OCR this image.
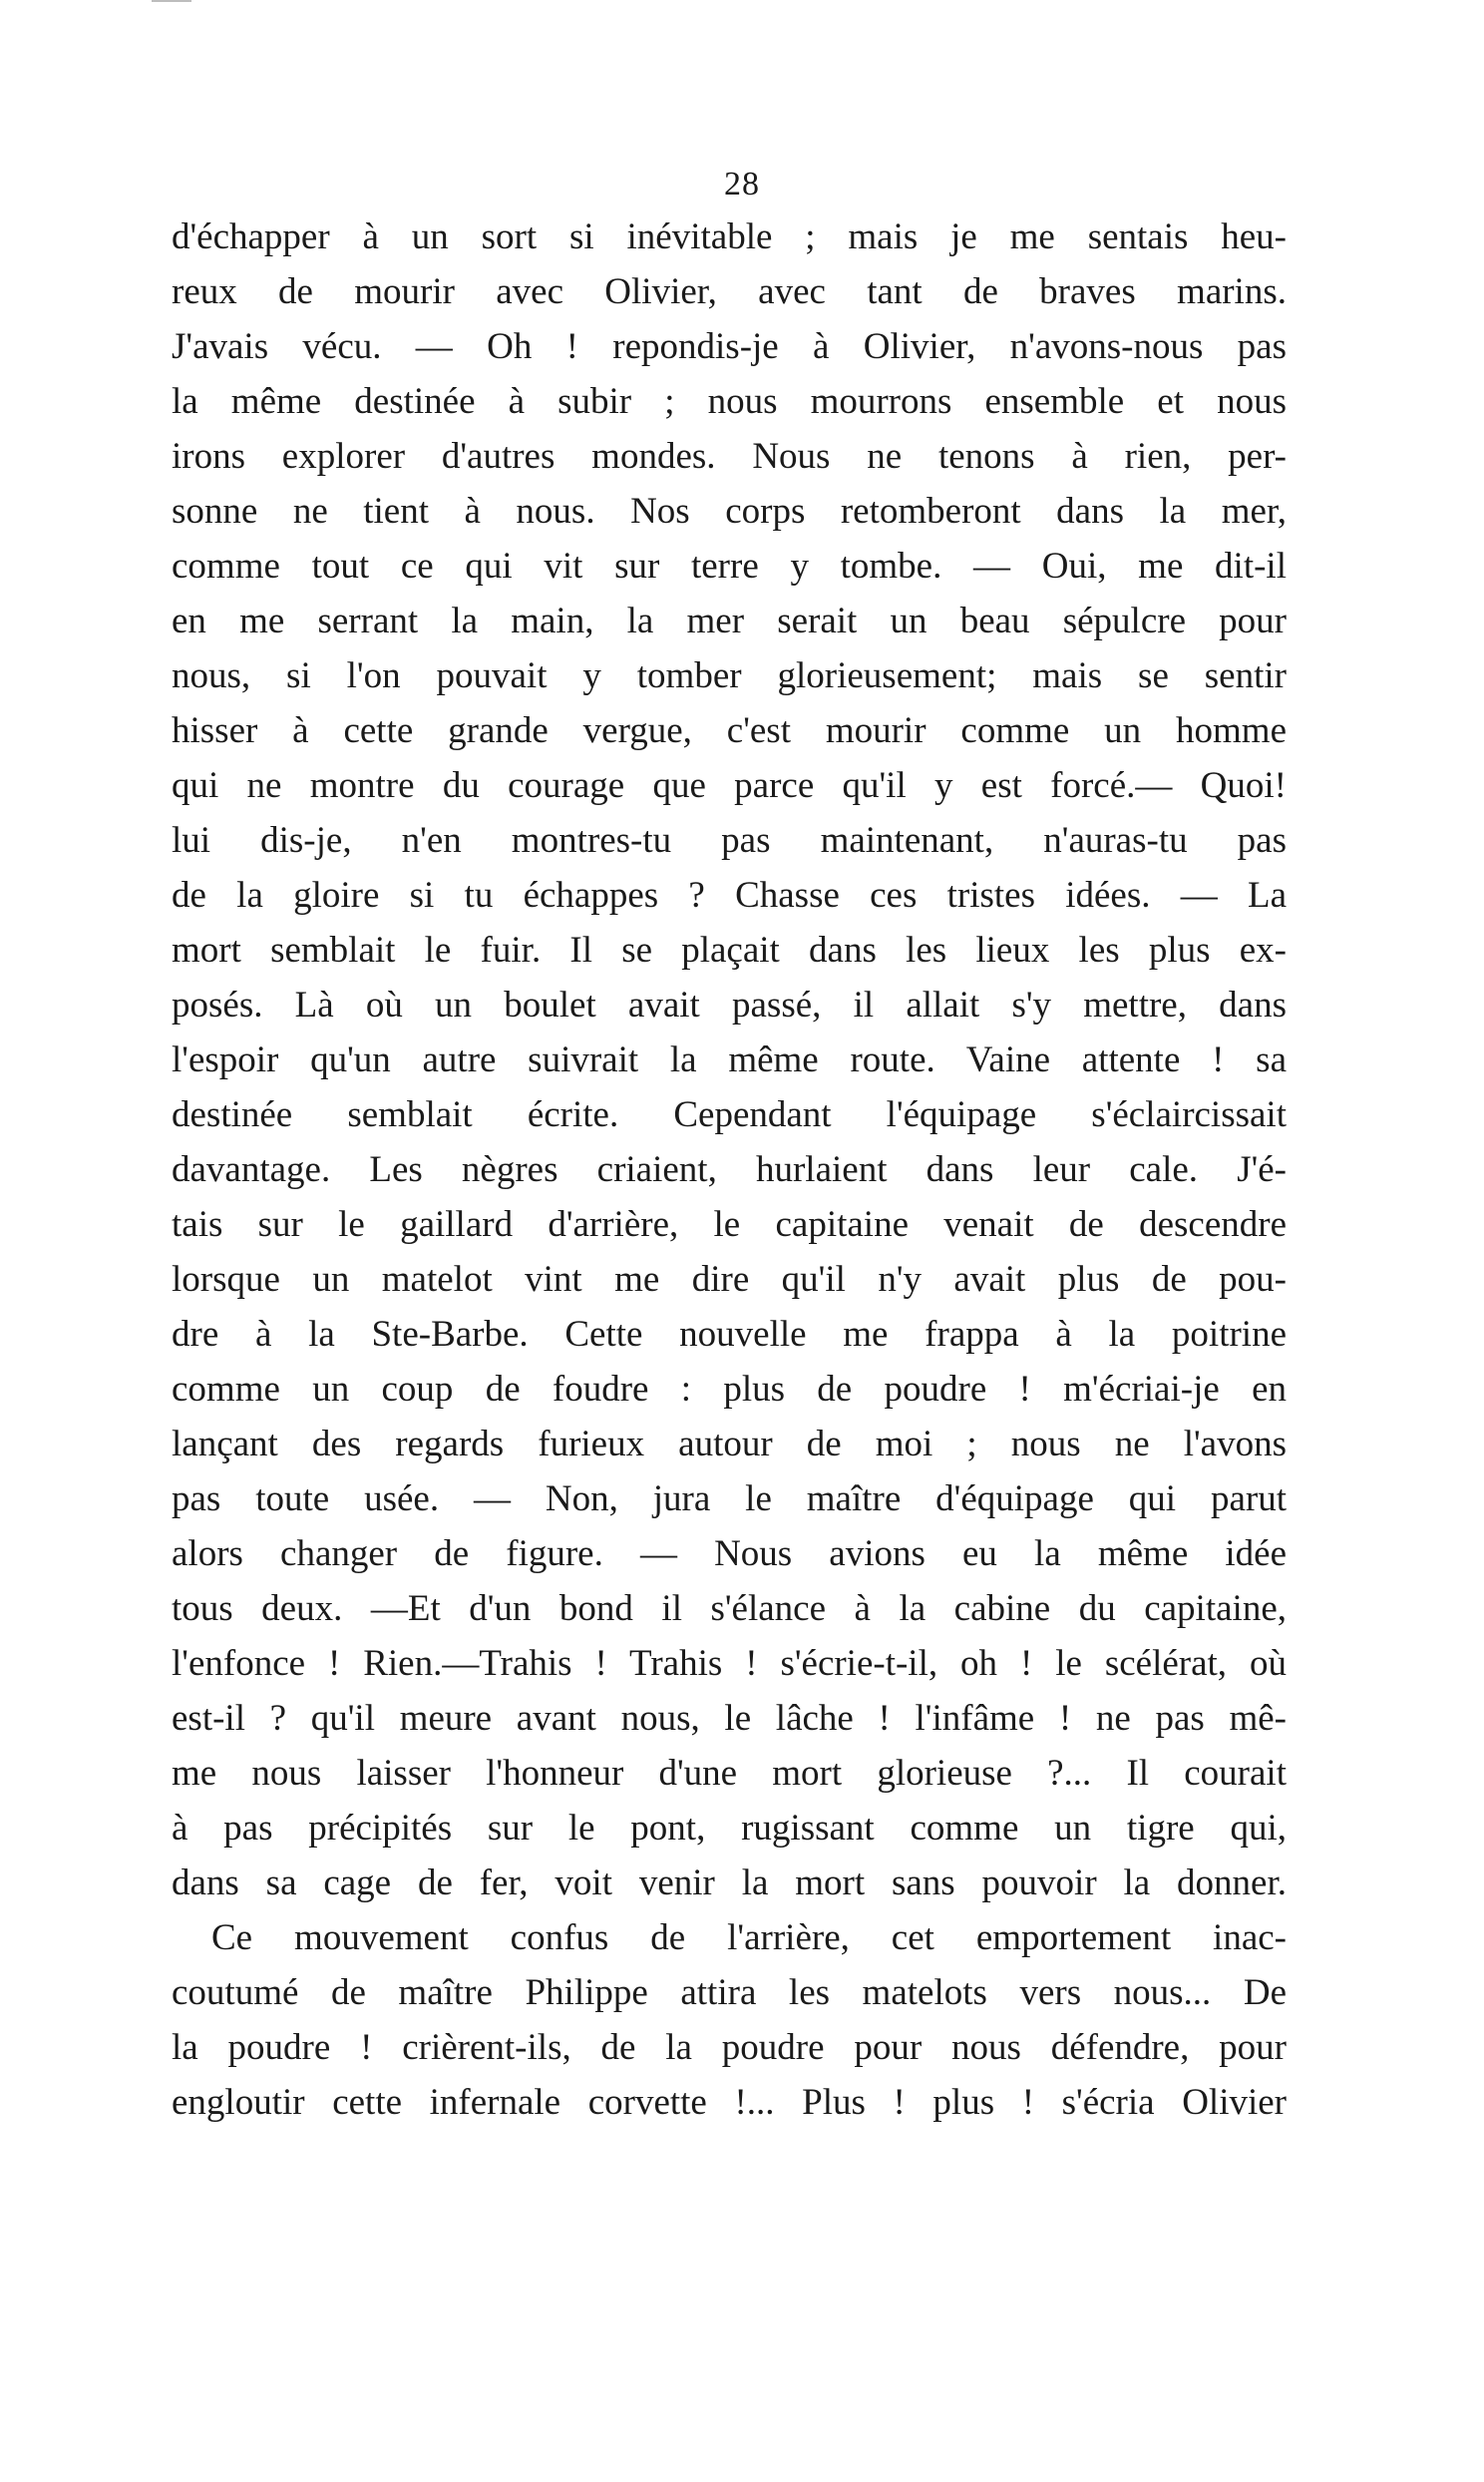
28
d'échapper à un sort si inévitable ; mais je me sentais heu-
reux de mourir avec Olivier, avec tant de braves marins.
J'avais vécu. — Oh ! repondis-je à Olivier, n'avons-nous pas
la même destinée à subir ; nous mourrons ensemble et nous
irons explorer d'autres mondes. Nous ne tenons à rien, per-
sonne ne tient à nous. Nos corps retomberont dans la mer,
comme tout ce qui vit sur terre y tombe. — Oui, me dit-il
en me serrant la main, la mer serait un beau sépulcre pour
nous, si l'on pouvait y tomber glorieusement; mais se sentir
hisser à cette grande vergue, c'est mourir comme un homme
qui ne montre du courage que parce qu'il y est forcé.— Quoi!
lui dis-je, n'en montres-tu pas maintenant, n'auras-tu pas
de la gloire si tu échappes ? Chasse ces tristes idées. — La
mort semblait le fuir. Il se plaçait dans les lieux les plus ex-
posés. Là où un boulet avait passé, il allait s'y mettre, dans
l'espoir qu'un autre suivrait la même route. Vaine attente ! sa
destinée semblait écrite. Cependant l'équipage s'éclaircissait
davantage. Les nègres criaient, hurlaient dans leur cale. J'é-
tais sur le gaillard d'arrière, le capitaine venait de descendre
lorsque un matelot vint me dire qu'il n'y avait plus de pou-
dre à la Ste-Barbe. Cette nouvelle me frappa à la poitrine
comme un coup de foudre : plus de poudre ! m'écriai-je en
lançant des regards furieux autour de moi ; nous ne l'avons
pas toute usée. — Non, jura le maître d'équipage qui parut
alors changer de figure. — Nous avions eu la même idée
tous deux. —Et d'un bond il s'élance à la cabine du capitaine,
l'enfonce ! Rien.—Trahis ! Trahis ! s'écrie-t-il, oh ! le scélérat, où
est-il ? qu'il meure avant nous, le lâche ! l'infâme ! ne pas mê-
me nous laisser l'honneur d'une mort glorieuse ?... Il courait
à pas précipités sur le pont, rugissant comme un tigre qui,
dans sa cage de fer, voit venir la mort sans pouvoir la donner.
Ce mouvement confus de l'arrière, cet emportement inac-
coutumé de maître Philippe attira les matelots vers nous... De
la poudre ! crièrent-ils, de la poudre pour nous défendre, pour
engloutir cette infernale corvette !... Plus ! plus ! s'écria Olivier
